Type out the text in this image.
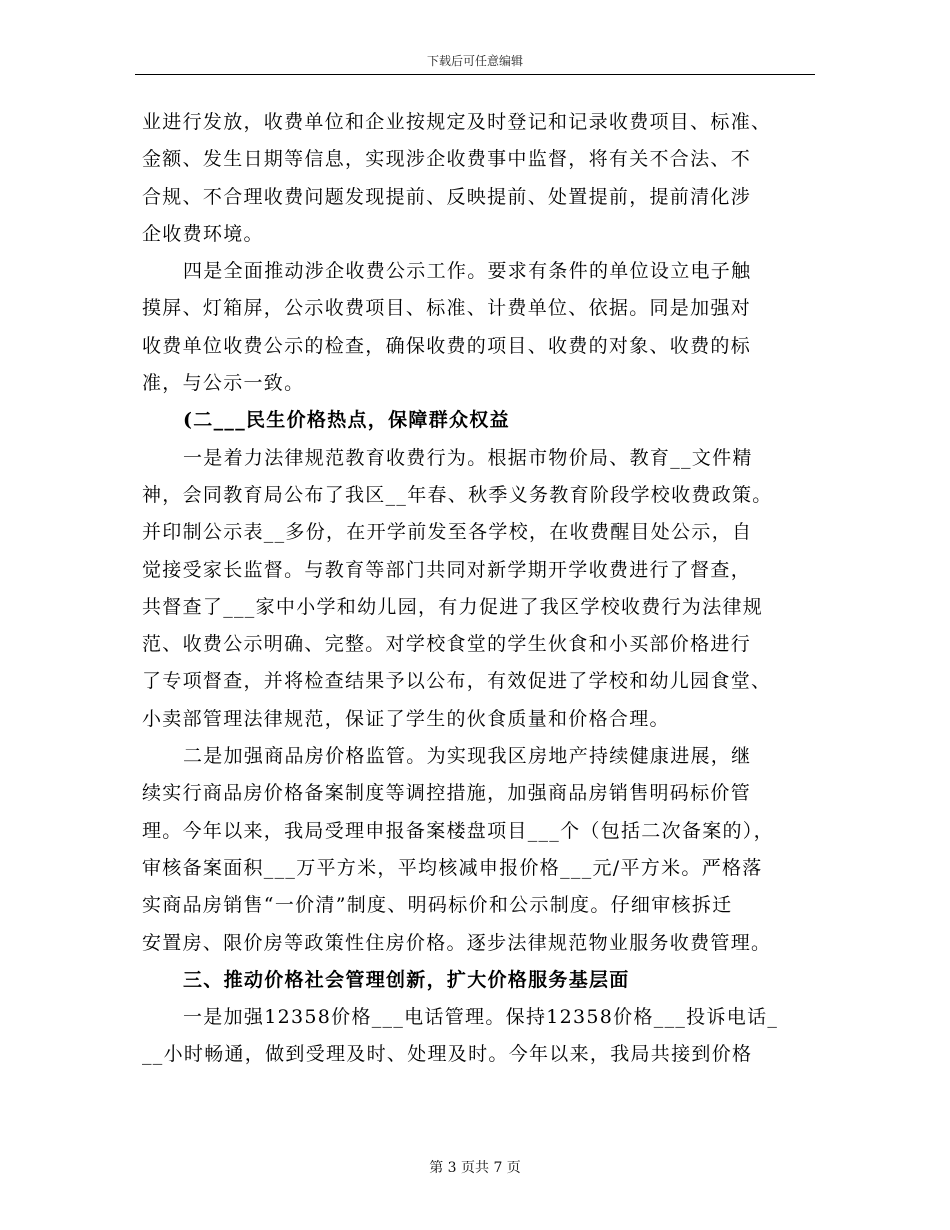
下载后可任意编辑

业进行发放，收费单位和企业按规定及时登记和记录收费项目、标准、
金额、发生日期等信息，实现涉企收费事中监督，将有关不合法、不
合规、不合理收费问题发现提前、反映提前、处置提前，提前清化涉
企收费环境。

四是全面推动涉企收费公示工作。要求有条件的单位设立电子触
摸屏、灯箱屏，公示收费项目、标准、计费单位、依据。同是加强对
收费单位收费公示的检查，确保收费的项目、收费的对象、收费的标
准，与公示一致。

(二___民生价格热点，保障群众权益

一是着力法律规范教育收费行为。根据市物价局、教育__文件精
神，会同教育局公布了我区__年春、秋季义务教育阶段学校收费政策。
并印制公示表__多份，在开学前发至各学校，在收费醒目处公示，自
觉接受家长监督。与教育等部门共同对新学期开学收费进行了督查，
共督查了___家中小学和幼儿园，有力促进了我区学校收费行为法律规
范、收费公示明确、完整。对学校食堂的学生伙食和小买部价格进行
了专项督查，并将检查结果予以公布，有效促进了学校和幼儿园食堂、
小卖部管理法律规范，保证了学生的伙食质量和价格合理。

二是加强商品房价格监管。为实现我区房地产持续健康进展，继
续实行商品房价格备案制度等调控措施，加强商品房销售明码标价管
理。今年以来，我局受理申报备案楼盘项目___个（包括二次备案的），
审核备案面积___万平方米，平均核减申报价格___元/平方米。严格落
实商品房销售“一价清”制度、明码标价和公示制度。仔细审核拆迁
安置房、限价房等政策性住房价格。逐步法律规范物业服务收费管理。

三、推动价格社会管理创新，扩大价格服务基层面

一是加强12358价格___电话管理。保持12358价格___投诉电话_
__小时畅通，做到受理及时、处理及时。今年以来，我局共接到价格

第 3 页共 7 页
